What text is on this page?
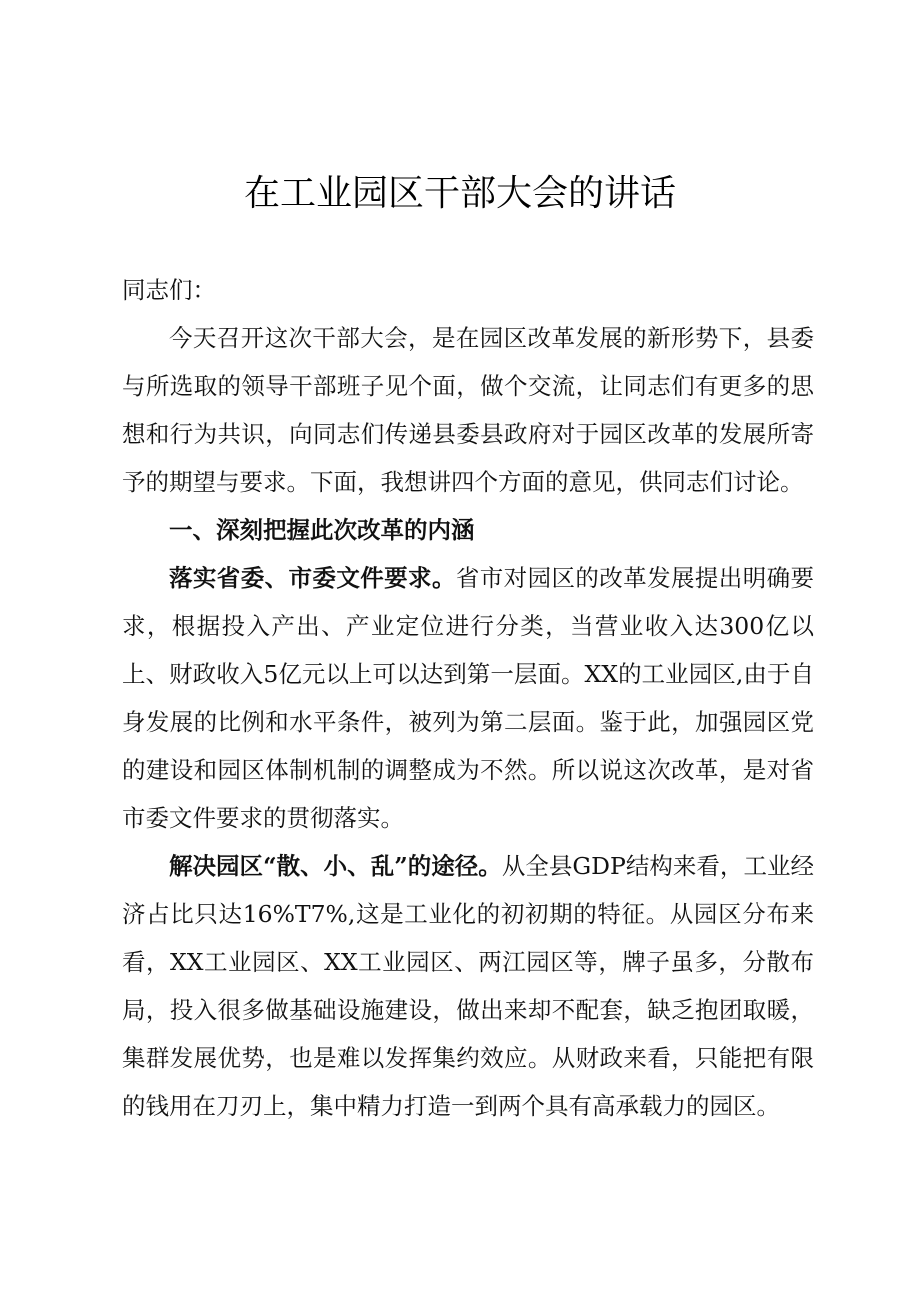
在工业园区干部大会的讲话

同志们：

今天召开这次干部大会，是在园区改革发展的新形势下，县委与所选取的领导干部班子见个面，做个交流，让同志们有更多的思想和行为共识，向同志们传递县委县政府对于园区改革的发展所寄予的期望与要求。下面，我想讲四个方面的意见，供同志们讨论。

一、深刻把握此次改革的内涵

落实省委、市委文件要求。省市对园区的改革发展提出明确要求，根据投入产出、产业定位进行分类，当营业收入达300亿以上、财政收入5亿元以上可以达到第一层面。XX的工业园区,由于自身发展的比例和水平条件，被列为第二层面。鉴于此，加强园区党的建设和园区体制机制的调整成为不然。所以说这次改革，是对省市委文件要求的贯彻落实。

解决园区“散、小、乱”的途径。从全县GDP结构来看，工业经济占比只达16%T7%,这是工业化的初初期的特征。从园区分布来看，XX工业园区、XX工业园区、两江园区等，牌子虽多，分散布局，投入很多做基础设施建设，做出来却不配套，缺乏抱团取暖，集群发展优势，也是难以发挥集约效应。从财政来看，只能把有限的钱用在刀刃上，集中精力打造一到两个具有高承载力的园区。
